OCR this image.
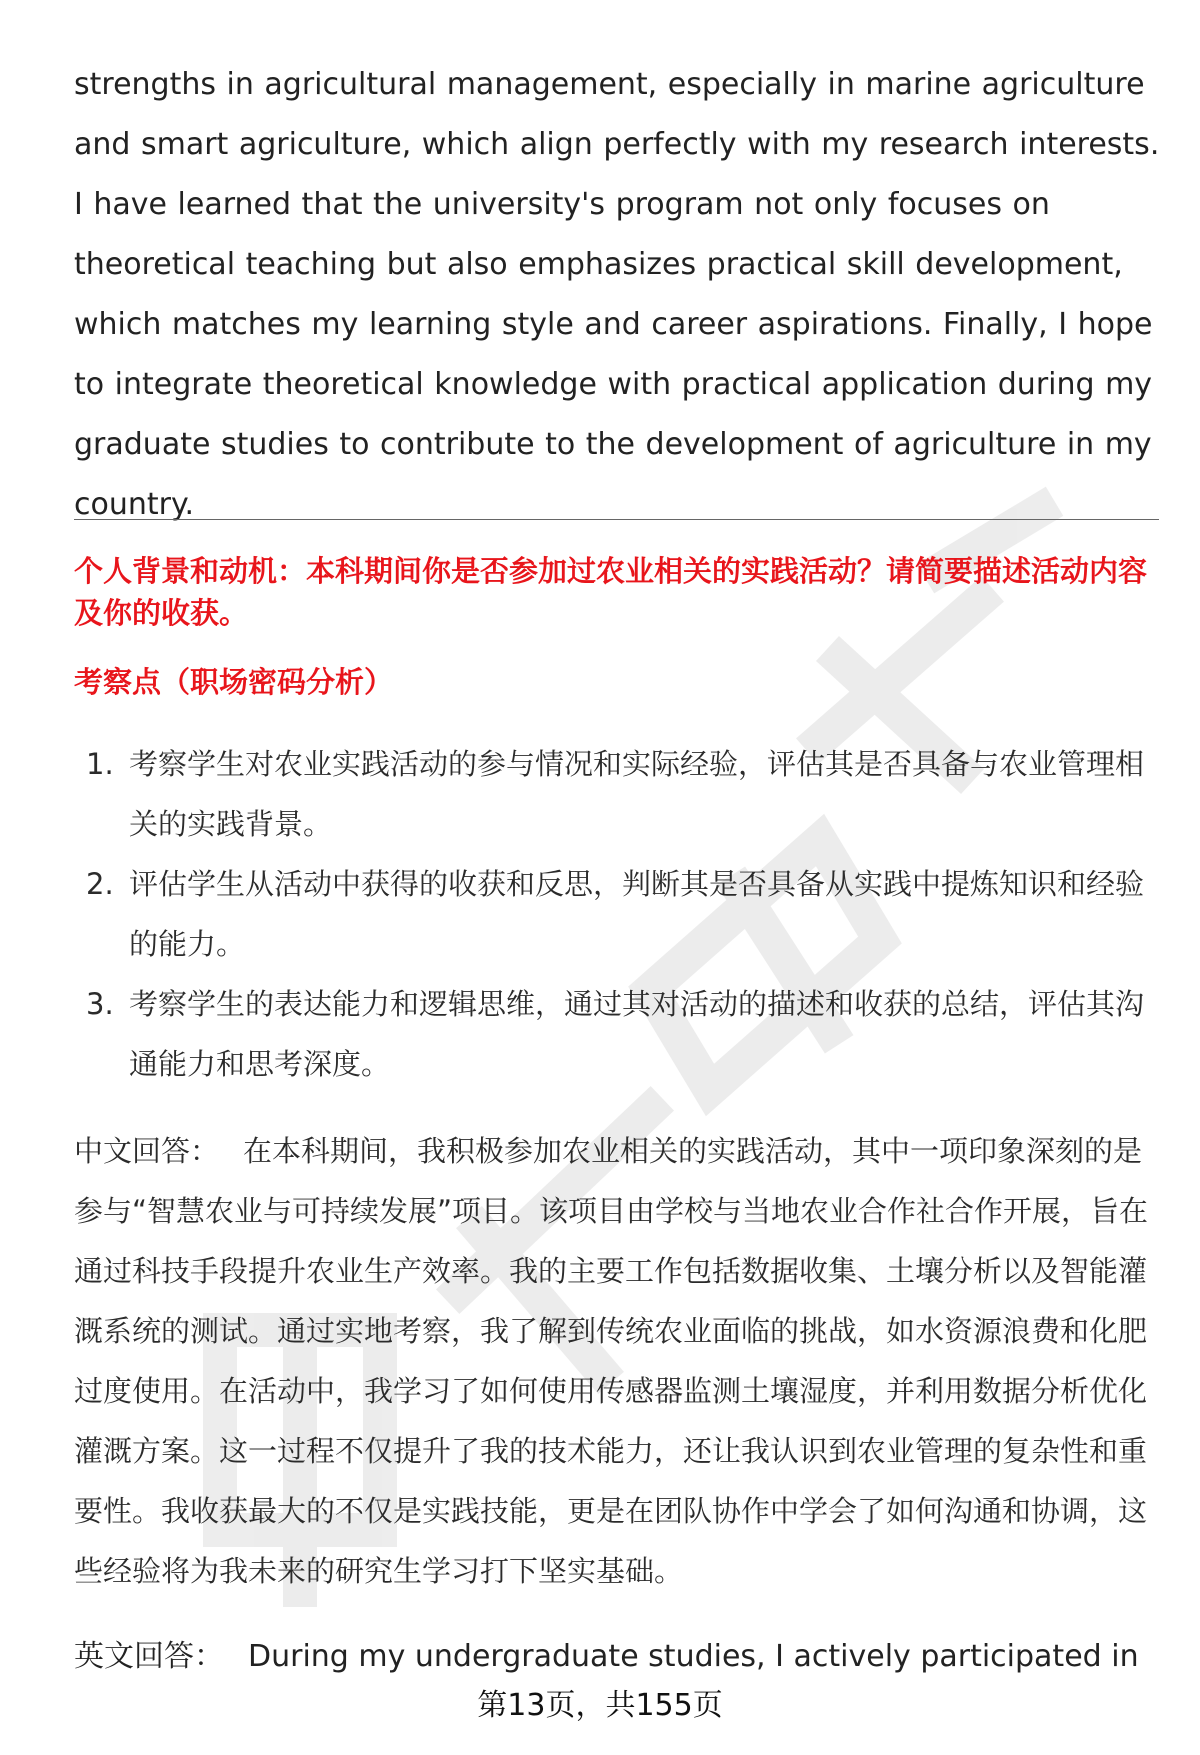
strengths in agricultural management, especially in marine agriculture and smart agriculture, which align perfectly with my research interests. I have learned that the university's program not only focuses on theoretical teaching but also emphasizes practical skill development, which matches my learning style and career aspirations. Finally, I hope to integrate theoretical knowledge with practical application during my graduate studies to contribute to the development of agriculture in my country.

个人背景和动机：本科期间你是否参加过农业相关的实践活动？请简要描述活动内容及你的收获。

考察点（职场密码分析）

1. 考察学生对农业实践活动的参与情况和实际经验，评估其是否具备与农业管理相关的实践背景。
2. 评估学生从活动中获得的收获和反思，判断其是否具备从实践中提炼知识和经验的能力。
3. 考察学生的表达能力和逻辑思维，通过其对活动的描述和收获的总结，评估其沟通能力和思考深度。

中文回答： 在本科期间，我积极参加农业相关的实践活动，其中一项印象深刻的是参与“智慧农业与可持续发展”项目。该项目由学校与当地农业合作社合作开展，旨在通过科技手段提升农业生产效率。我的主要工作包括数据收集、土壤分析以及智能灌溉系统的测试。通过实地考察，我了解到传统农业面临的挑战，如水资源浪费和化肥过度使用。在活动中，我学习了如何使用传感器监测土壤湿度，并利用数据分析优化灌溉方案。这一过程不仅提升了我的技术能力，还让我认识到农业管理的复杂性和重要性。我收获最大的不仅是实践技能，更是在团队协作中学会了如何沟通和协调，这些经验将为我未来的研究生学习打下坚实基础。

英文回答： During my undergraduate studies, I actively participated in

第13页，共155页
